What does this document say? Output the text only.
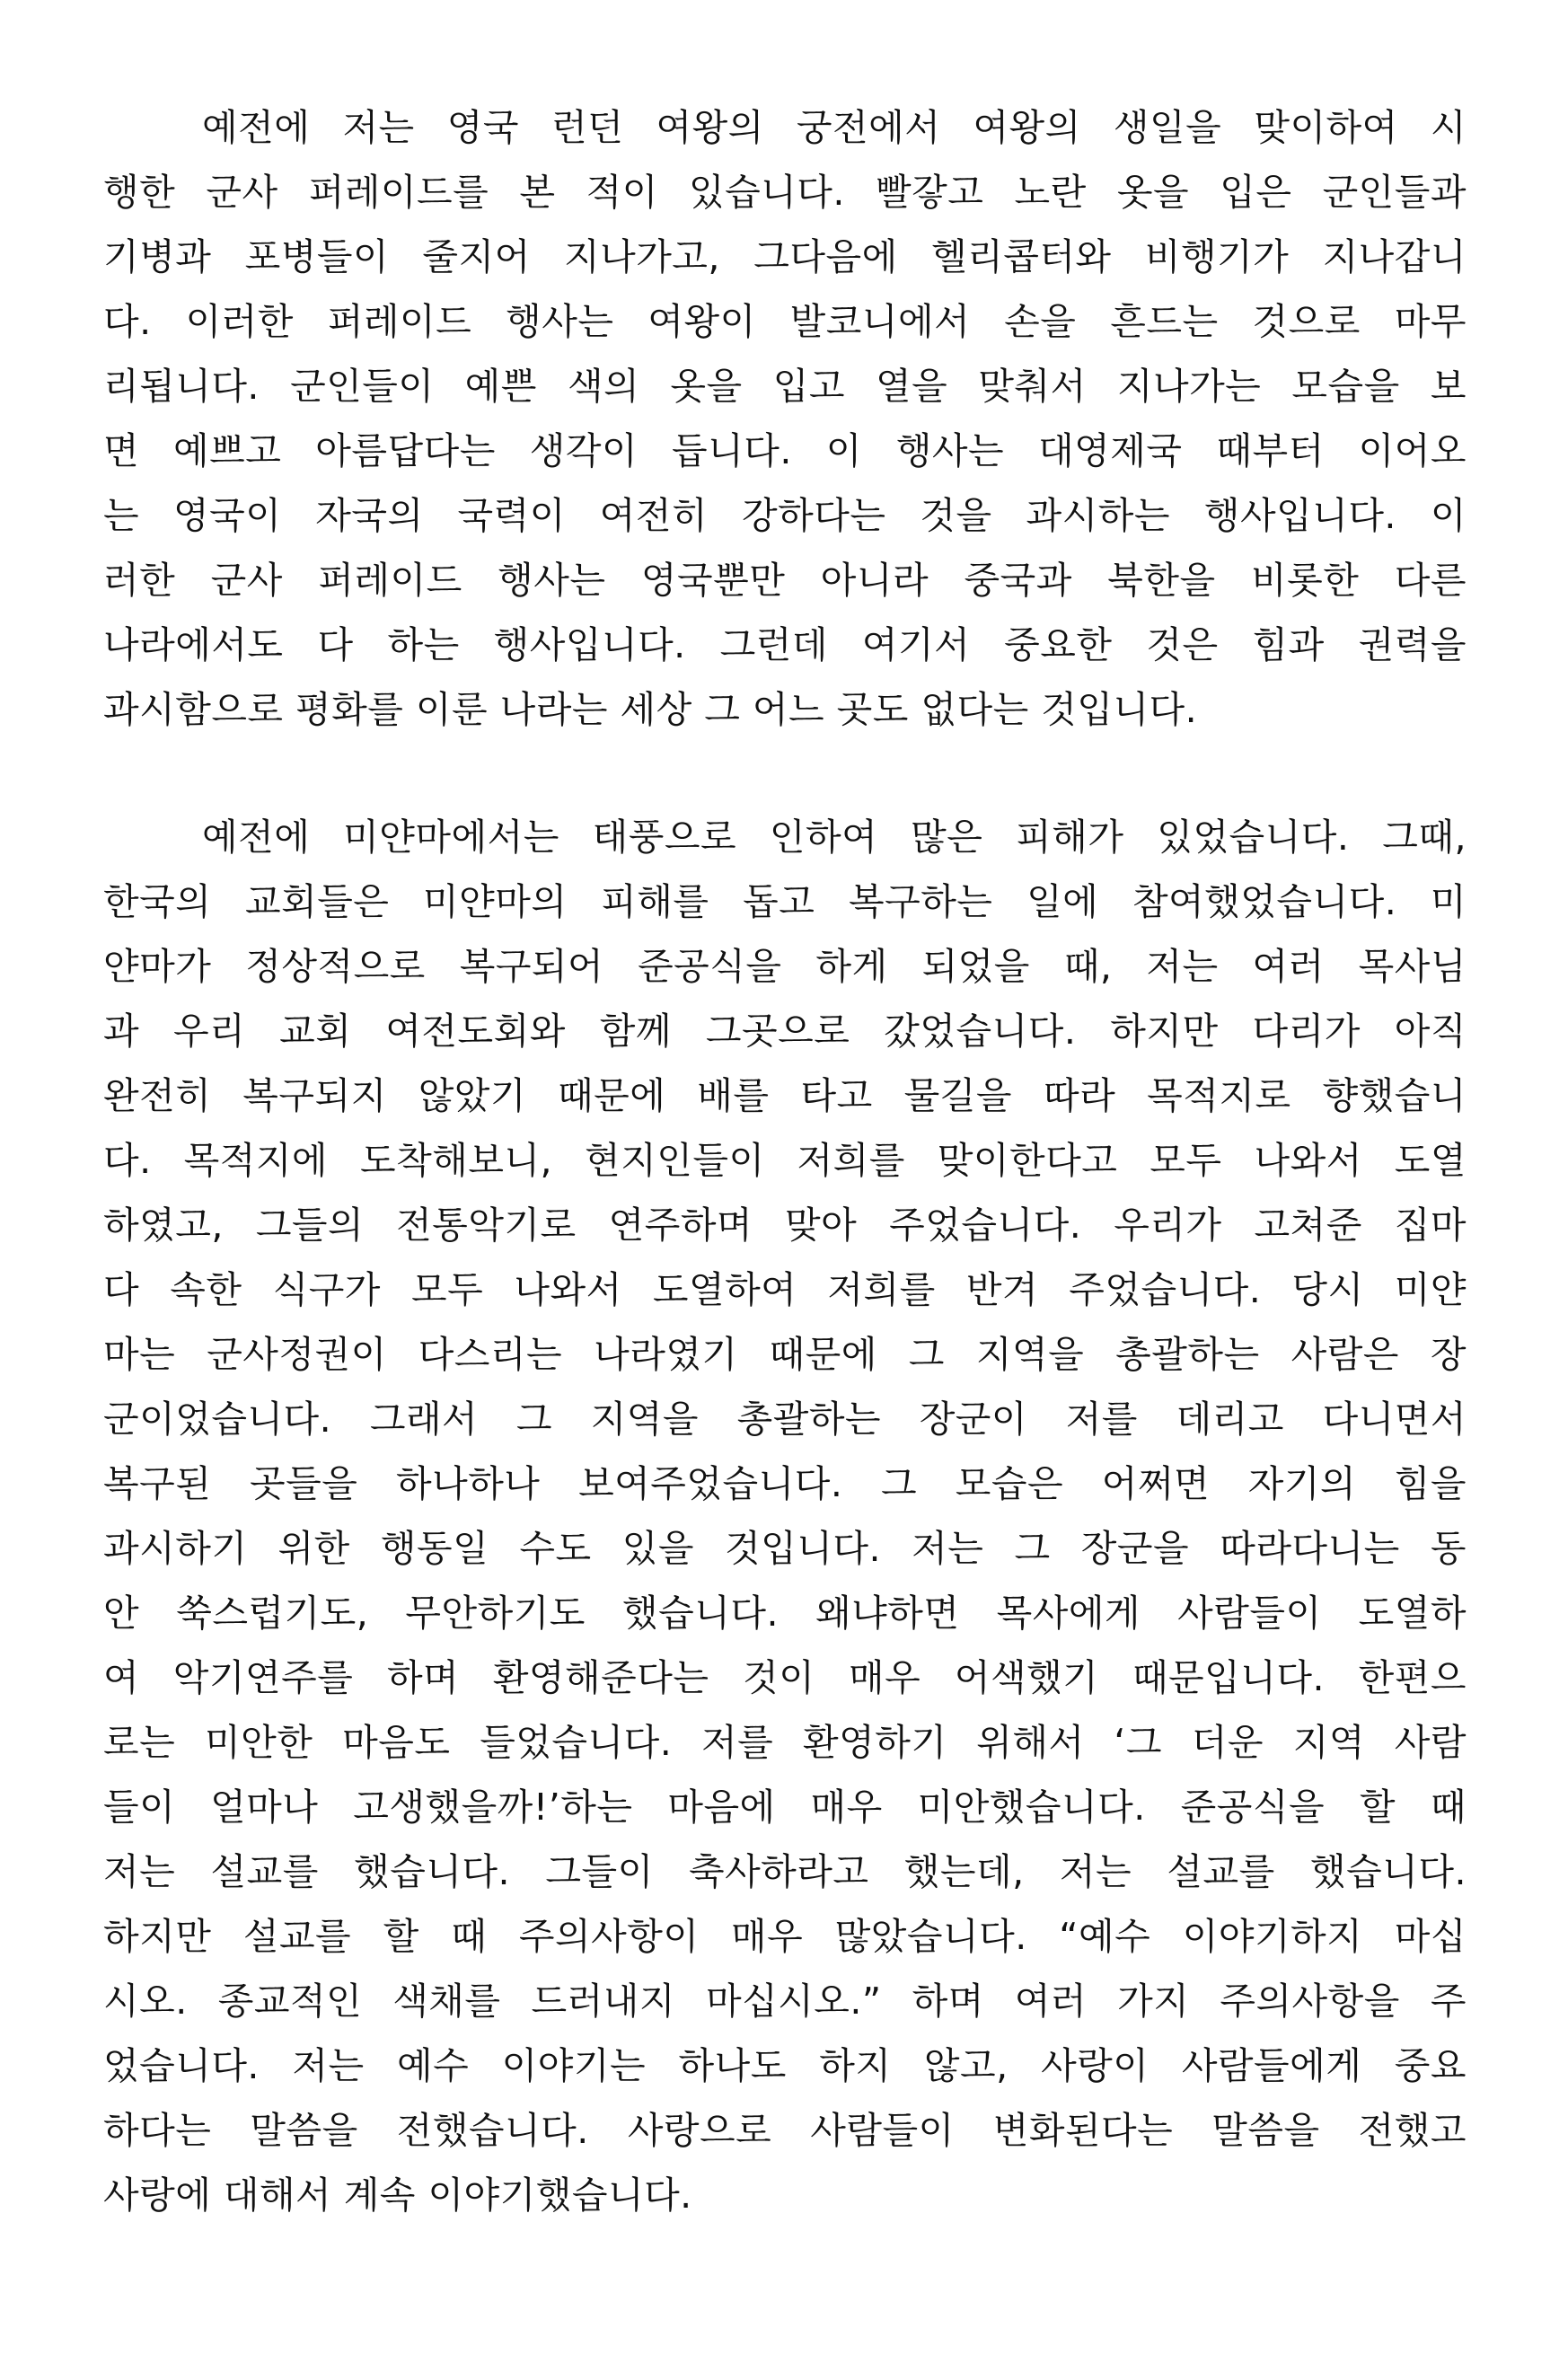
예전에 저는 영국 런던 여왕의 궁전에서 여왕의 생일을 맞이하여 시
행한 군사 퍼레이드를 본 적이 있습니다. 빨갛고 노란 옷을 입은 군인들과
기병과 포병들이 줄지어 지나가고, 그다음에 헬리콥터와 비행기가 지나갑니
다. 이러한 퍼레이드 행사는 여왕이 발코니에서 손을 흔드는 것으로 마무
리됩니다. 군인들이 예쁜 색의 옷을 입고 열을 맞춰서 지나가는 모습을 보
면 예쁘고 아름답다는 생각이 듭니다. 이 행사는 대영제국 때부터 이어오
는 영국이 자국의 국력이 여전히 강하다는 것을 과시하는 행사입니다. 이
러한 군사 퍼레이드 행사는 영국뿐만 아니라 중국과 북한을 비롯한 다른
나라에서도 다 하는 행사입니다. 그런데 여기서 중요한 것은 힘과 권력을
과시함으로 평화를 이룬 나라는 세상 그 어느 곳도 없다는 것입니다.
예전에 미얀마에서는 태풍으로 인하여 많은 피해가 있었습니다. 그때,
한국의 교회들은 미얀마의 피해를 돕고 복구하는 일에 참여했었습니다. 미
얀마가 정상적으로 복구되어 준공식을 하게 되었을 때, 저는 여러 목사님
과 우리 교회 여전도회와 함께 그곳으로 갔었습니다. 하지만 다리가 아직
완전히 복구되지 않았기 때문에 배를 타고 물길을 따라 목적지로 향했습니
다. 목적지에 도착해보니, 현지인들이 저희를 맞이한다고 모두 나와서 도열
하였고, 그들의 전통악기로 연주하며 맞아 주었습니다. 우리가 고쳐준 집마
다 속한 식구가 모두 나와서 도열하여 저희를 반겨 주었습니다. 당시 미얀
마는 군사정권이 다스리는 나라였기 때문에 그 지역을 총괄하는 사람은 장
군이었습니다. 그래서 그 지역을 총괄하는 장군이 저를 데리고 다니면서
복구된 곳들을 하나하나 보여주었습니다. 그 모습은 어쩌면 자기의 힘을
과시하기 위한 행동일 수도 있을 것입니다. 저는 그 장군을 따라다니는 동
안 쑥스럽기도, 무안하기도 했습니다. 왜냐하면 목사에게 사람들이 도열하
여 악기연주를 하며 환영해준다는 것이 매우 어색했기 때문입니다. 한편으
로는 미안한 마음도 들었습니다. 저를 환영하기 위해서 ‘그 더운 지역 사람
들이 얼마나 고생했을까!’하는 마음에 매우 미안했습니다. 준공식을 할 때
저는 설교를 했습니다. 그들이 축사하라고 했는데, 저는 설교를 했습니다.
하지만 설교를 할 때 주의사항이 매우 많았습니다. “예수 이야기하지 마십
시오. 종교적인 색채를 드러내지 마십시오.” 하며 여러 가지 주의사항을 주
었습니다. 저는 예수 이야기는 하나도 하지 않고, 사랑이 사람들에게 중요
하다는 말씀을 전했습니다. 사랑으로 사람들이 변화된다는 말씀을 전했고
사랑에 대해서 계속 이야기했습니다.
